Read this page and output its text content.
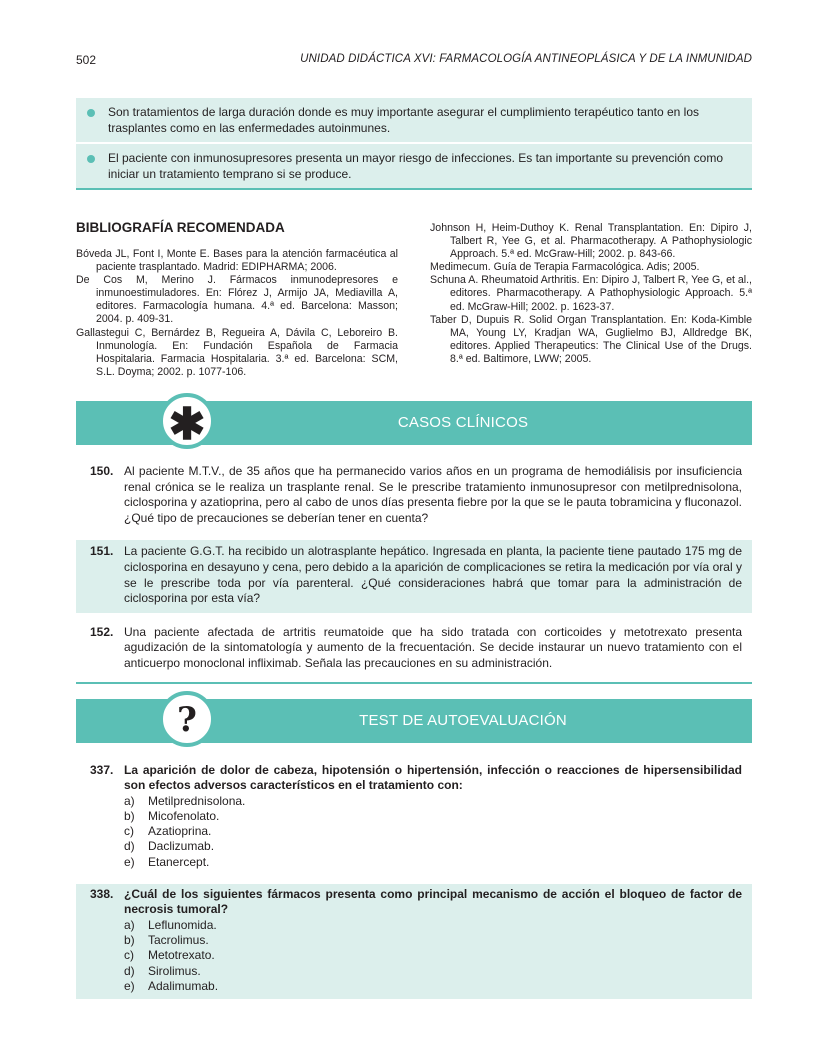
502	UNIDAD DIDÁCTICA XVI: FARMACOLOGÍA ANTINEOPLÁSICA Y DE LA INMUNIDAD
Son tratamientos de larga duración donde es muy importante asegurar el cumplimiento terapéutico tanto en los trasplantes como en las enfermedades autoinmunes.
El paciente con inmunosupresores presenta un mayor riesgo de infecciones. Es tan importante su prevención como iniciar un tratamiento temprano si se produce.
BIBLIOGRAFÍA RECOMENDADA
Bóveda JL, Font I, Monte E. Bases para la atención farmacéutica al paciente trasplantado. Madrid: EDIPHARMA; 2006.
De Cos M, Merino J. Fármacos inmunodepresores e inmunoestimuladores. En: Flórez J, Armijo JA, Mediavilla A, editores. Farmacología humana. 4.ª ed. Barcelona: Masson; 2004. p. 409-31.
Gallastegui C, Bernárdez B, Regueira A, Dávila C, Leboreiro B. Inmunología. En: Fundación Española de Farmacia Hospitalaria. Farmacia Hospitalaria. 3.ª ed. Barcelona: SCM, S.L. Doyma; 2002. p. 1077-106.
Johnson H, Heim-Duthoy K. Renal Transplantation. En: Dipiro J, Talbert R, Yee G, et al. Pharmacotherapy. A Pathophysiologic Approach. 5.ª ed. McGraw-Hill; 2002. p. 843-66.
Medimecum. Guía de Terapia Farmacológica. Adis; 2005.
Schuna A. Rheumatoid Arthritis. En: Dipiro J, Talbert R, Yee G, et al., editores. Pharmacotherapy. A Pathophysiologic Approach. 5.ª ed. McGraw-Hill; 2002. p. 1623-37.
Taber D, Dupuis R. Solid Organ Transplantation. En: Koda-Kimble MA, Young LY, Kradjan WA, Guglielmo BJ, Alldredge BK, editores. Applied Therapeutics: The Clinical Use of the Drugs. 8.ª ed. Baltimore, LWW; 2005.
✱	CASOS CLÍNICOS
150. Al paciente M.T.V., de 35 años que ha permanecido varios años en un programa de hemodiálisis por insuficiencia renal crónica se le realiza un trasplante renal. Se le prescribe tratamiento inmunosupresor con metilprednisolona, ciclosporina y azatioprina, pero al cabo de unos días presenta fiebre por la que se le pauta tobramicina y fluconazol. ¿Qué tipo de precauciones se deberían tener en cuenta?
151. La paciente G.G.T. ha recibido un alotrasplante hepático. Ingresada en planta, la paciente tiene pautado 175 mg de ciclosporina en desayuno y cena, pero debido a la aparición de complicaciones se retira la medicación por vía oral y se le prescribe toda por vía parenteral. ¿Qué consideraciones habrá que tomar para la administración de ciclosporina por esta vía?
152. Una paciente afectada de artritis reumatoide que ha sido tratada con corticoides y metotrexato presenta agudización de la sintomatología y aumento de la frecuentación. Se decide instaurar un nuevo tratamiento con el anticuerpo monoclonal infliximab. Señala las precauciones en su administración.
?	TEST DE AUTOEVALUACIÓN
337. La aparición de dolor de cabeza, hipotensión o hipertensión, infección o reacciones de hipersensibilidad son efectos adversos característicos en el tratamiento con:
a)	Metilprednisolona.
b)	Micofenolato.
c)	Azatioprina.
d)	Daclizumab.
e)	Etanercept.
338. ¿Cuál de los siguientes fármacos presenta como principal mecanismo de acción el bloqueo de factor de necrosis tumoral?
a)	Leflunomida.
b)	Tacrolimus.
c)	Metotrexato.
d)	Sirolimus.
e)	Adalimumab.
